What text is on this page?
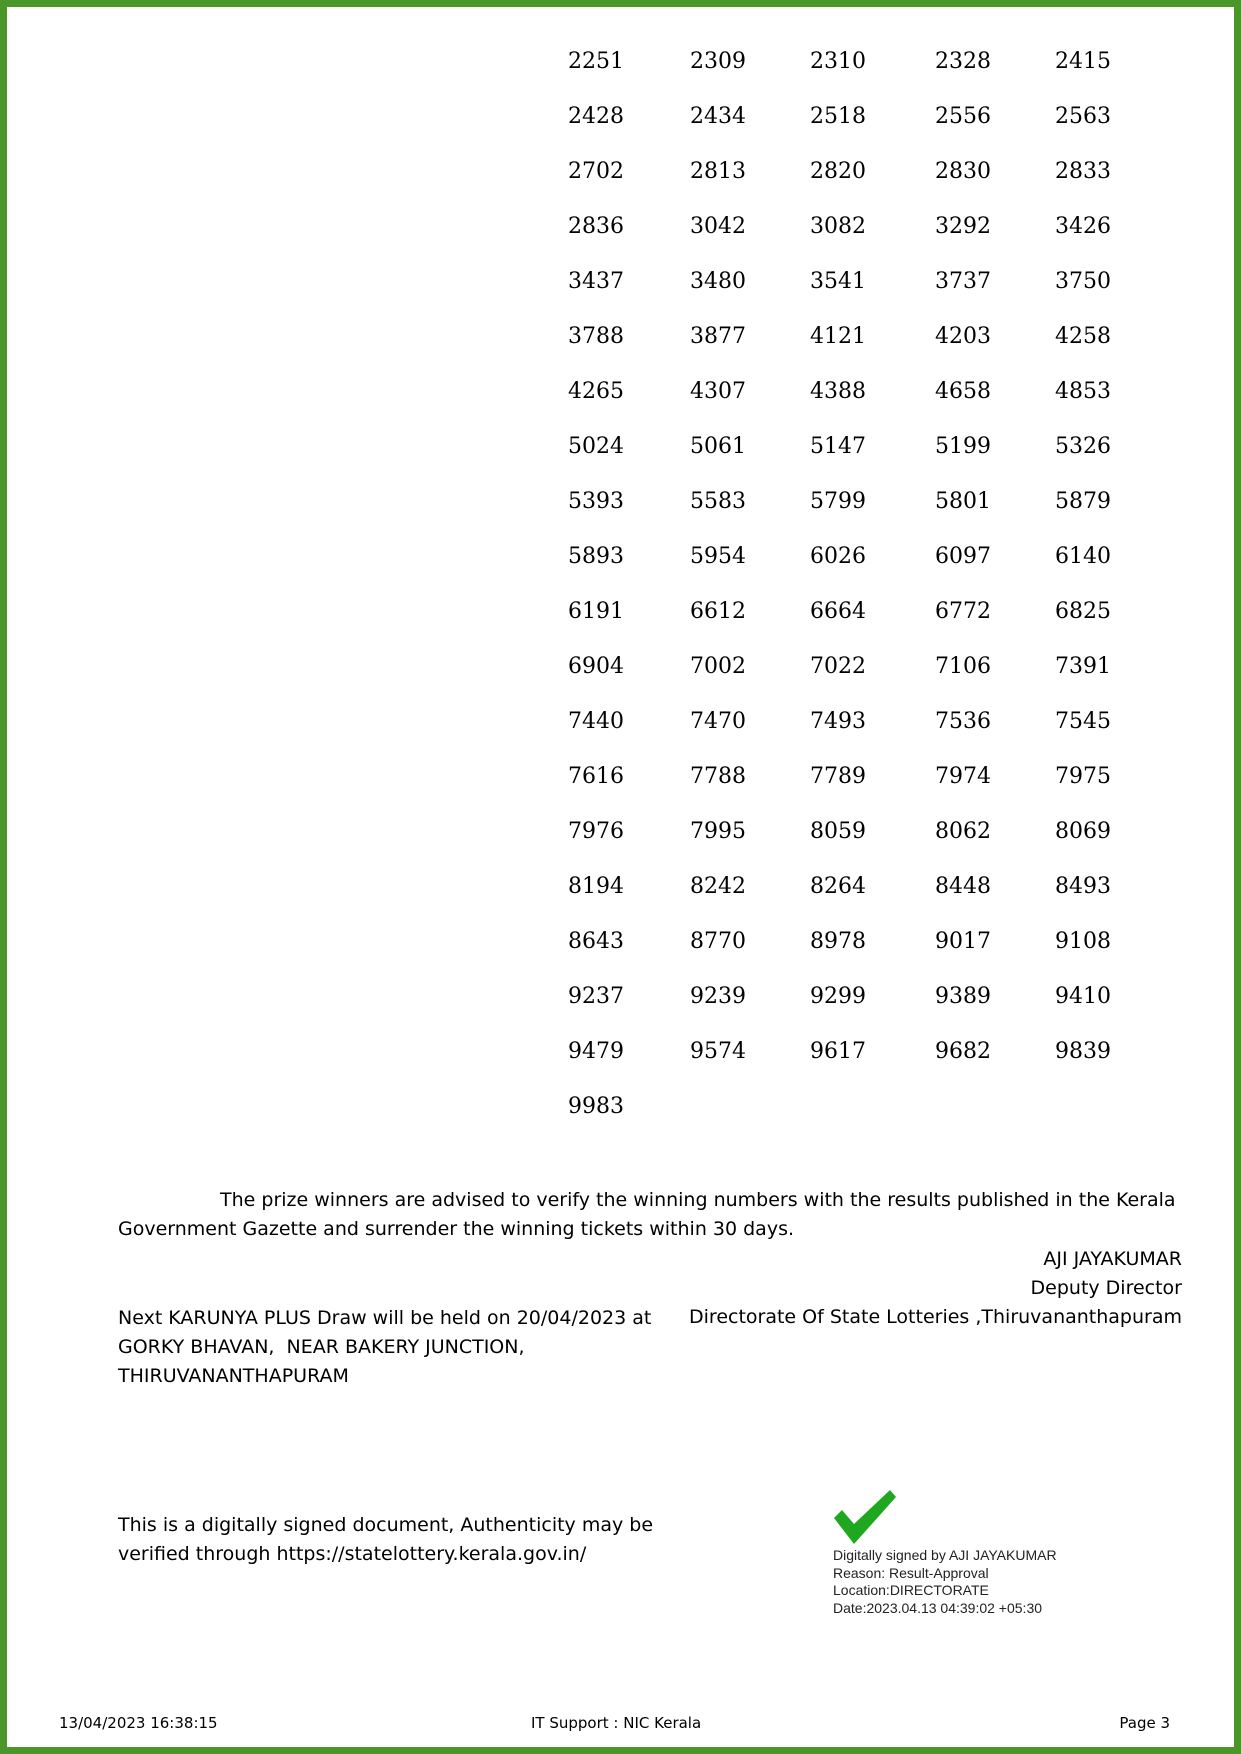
2251	2309	2310	2328	2415
2428	2434	2518	2556	2563
2702	2813	2820	2830	2833
2836	3042	3082	3292	3426
3437	3480	3541	3737	3750
3788	3877	4121	4203	4258
4265	4307	4388	4658	4853
5024	5061	5147	5199	5326
5393	5583	5799	5801	5879
5893	5954	6026	6097	6140
6191	6612	6664	6772	6825
6904	7002	7022	7106	7391
7440	7470	7493	7536	7545
7616	7788	7789	7974	7975
7976	7995	8059	8062	8069
8194	8242	8264	8448	8493
8643	8770	8978	9017	9108
9237	9239	9299	9389	9410
9479	9574	9617	9682	9839
9983
The prize winners are advised to verify the winning numbers with the results published in the Kerala Government Gazette and surrender the winning tickets within 30 days.
AJI JAYAKUMAR
Deputy Director
Directorate Of State Lotteries ,Thiruvananthapuram
Next KARUNYA PLUS Draw will be held on 20/04/2023 at
GORKY BHAVAN,  NEAR BAKERY JUNCTION,
THIRUVANANTHAPURAM
This is a digitally signed document, Authenticity may be
verified through https://statelottery.kerala.gov.in/	Digitally signed by AJI JAYAKUMAR
Reason: Result-Approval
Location:DIRECTORATE
Date:2023.04.13 04:39:02 +05:30
13/04/2023 16:38:15	IT Support : NIC Kerala	Page 3
